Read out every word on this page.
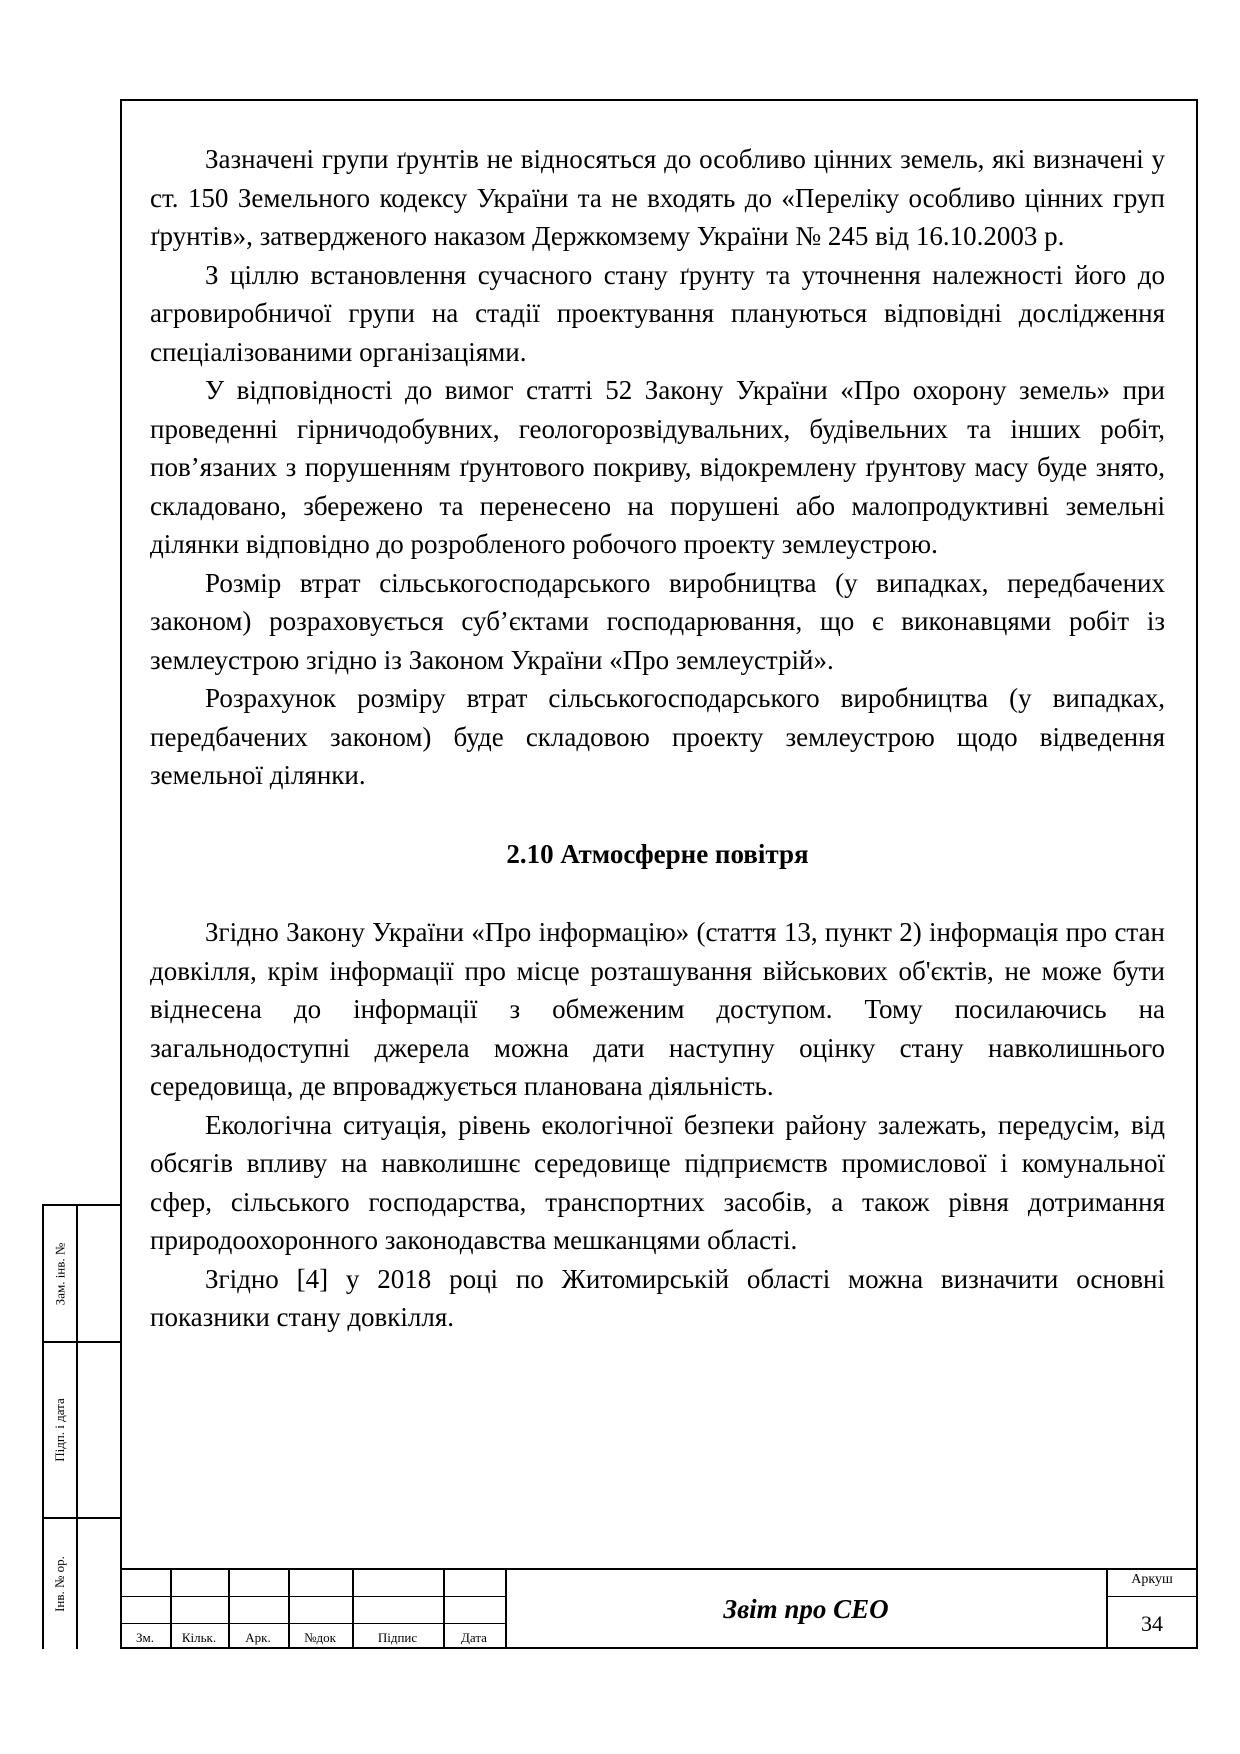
Зазначені групи ґрунтів не відносяться до особливо цінних земель, які визначені у ст. 150 Земельного кодексу України та не входять до «Переліку особливо цінних груп ґрунтів», затвердженого наказом Держкомзему України № 245 від 16.10.2003 р.

З ціллю встановлення сучасного стану ґрунту та уточнення належності його до агровиробничої групи на стадії проектування плануються відповідні дослідження спеціалізованими організаціями.

У відповідності до вимог статті 52 Закону України «Про охорону земель» при проведенні гірничодобувних, геологорозвідувальних, будівельних та інших робіт, пов’язаних з порушенням ґрунтового покриву, відокремлену ґрунтову масу буде знято, складовано, збережено та перенесено на порушені або малопродуктивні земельні ділянки відповідно до розробленого робочого проекту землеустрою.

Розмір втрат сільськогосподарського виробництва (у випадках, передбачених законом) розраховується суб’єктами господарювання, що є виконавцями робіт із землеустрою згідно із Законом України «Про землеустрій».

Розрахунок розміру втрат сільськогосподарського виробництва (у випадках, передбачених законом) буде складовою проекту землеустрою щодо відведення земельної ділянки.

2.10 Атмосферне повітря

Згідно Закону України «Про інформацію» (стаття 13, пункт 2) інформація про стан довкілля, крім інформації про місце розташування військових об'єктів, не може бути віднесена до інформації з обмеженим доступом. Тому посилаючись на загальнодоступні джерела можна дати наступну оцінку стану навколишнього середовища, де впроваджується планована діяльність.

Екологічна ситуація, рівень екологічної безпеки району залежать, передусім, від обсягів впливу на навколишнє середовище підприємств промислової і комунальної сфер, сільського господарства, транспортних засобів, а також рівня дотримання природоохоронного законодавства мешканцями області.

Згідно [4] у 2018 році по Житомирській області можна визначити основні показники стану довкілля.

Зам. інв. №
Підп. і дата
Інв. № ор.
Зм.	Кільк.	Арк.	№док	Підпис	Дата
Звіт про СЕО
Аркуш
34
